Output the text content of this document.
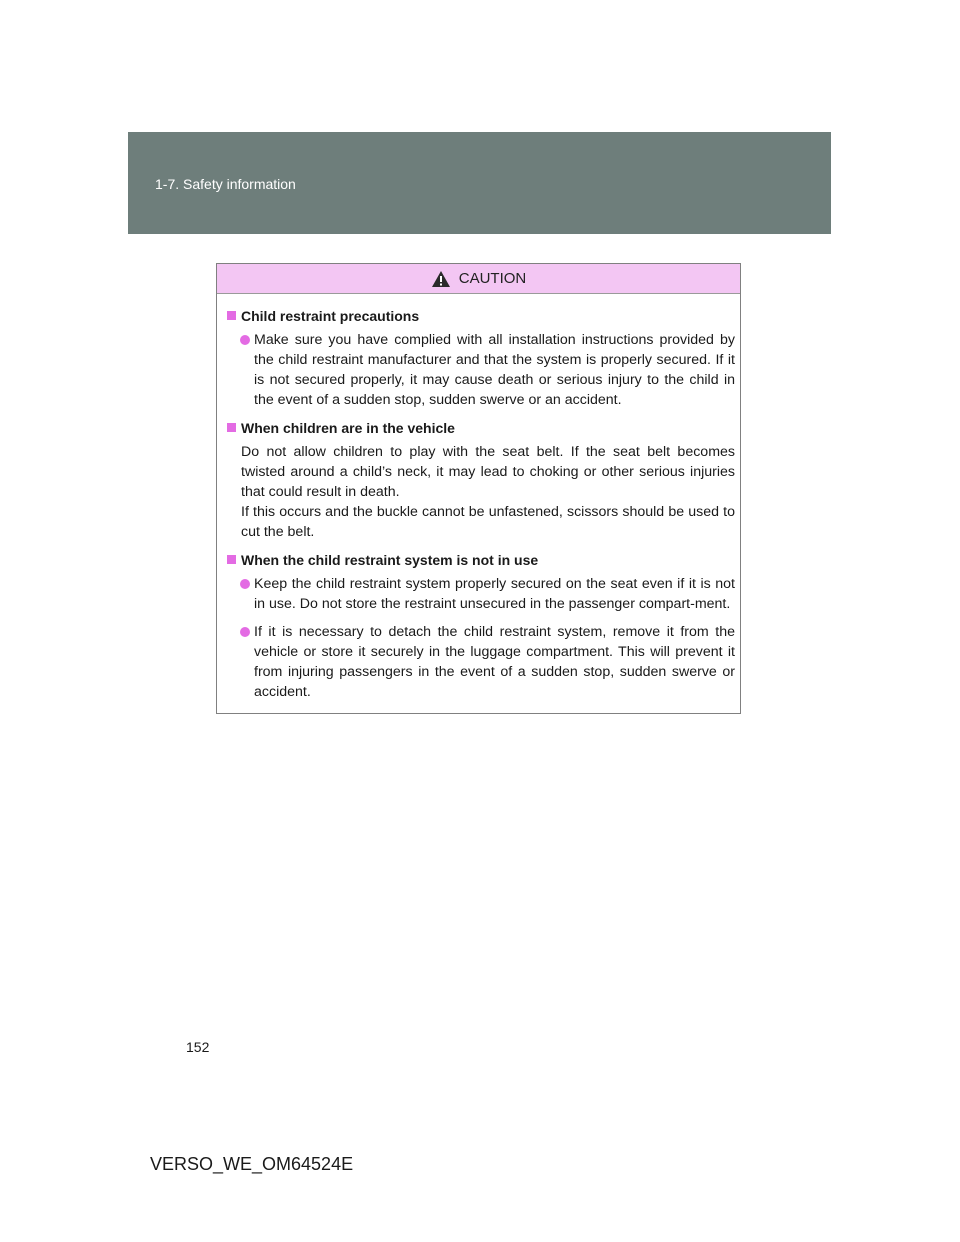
1-7. Safety information
CAUTION
Child restraint precautions
Make sure you have complied with all installation instructions provided by the child restraint manufacturer and that the system is properly secured. If it is not secured properly, it may cause death or serious injury to the child in the event of a sudden stop, sudden swerve or an accident.
When children are in the vehicle
Do not allow children to play with the seat belt. If the seat belt becomes twisted around a child’s neck, it may lead to choking or other serious injuries that could result in death.
If this occurs and the buckle cannot be unfastened, scissors should be used to cut the belt.
When the child restraint system is not in use
Keep the child restraint system properly secured on the seat even if it is not in use. Do not store the restraint unsecured in the passenger compart-ment.
If it is necessary to detach the child restraint system, remove it from the vehicle or store it securely in the luggage compartment. This will prevent it from injuring passengers in the event of a sudden stop, sudden swerve or accident.
152
VERSO_WE_OM64524E
